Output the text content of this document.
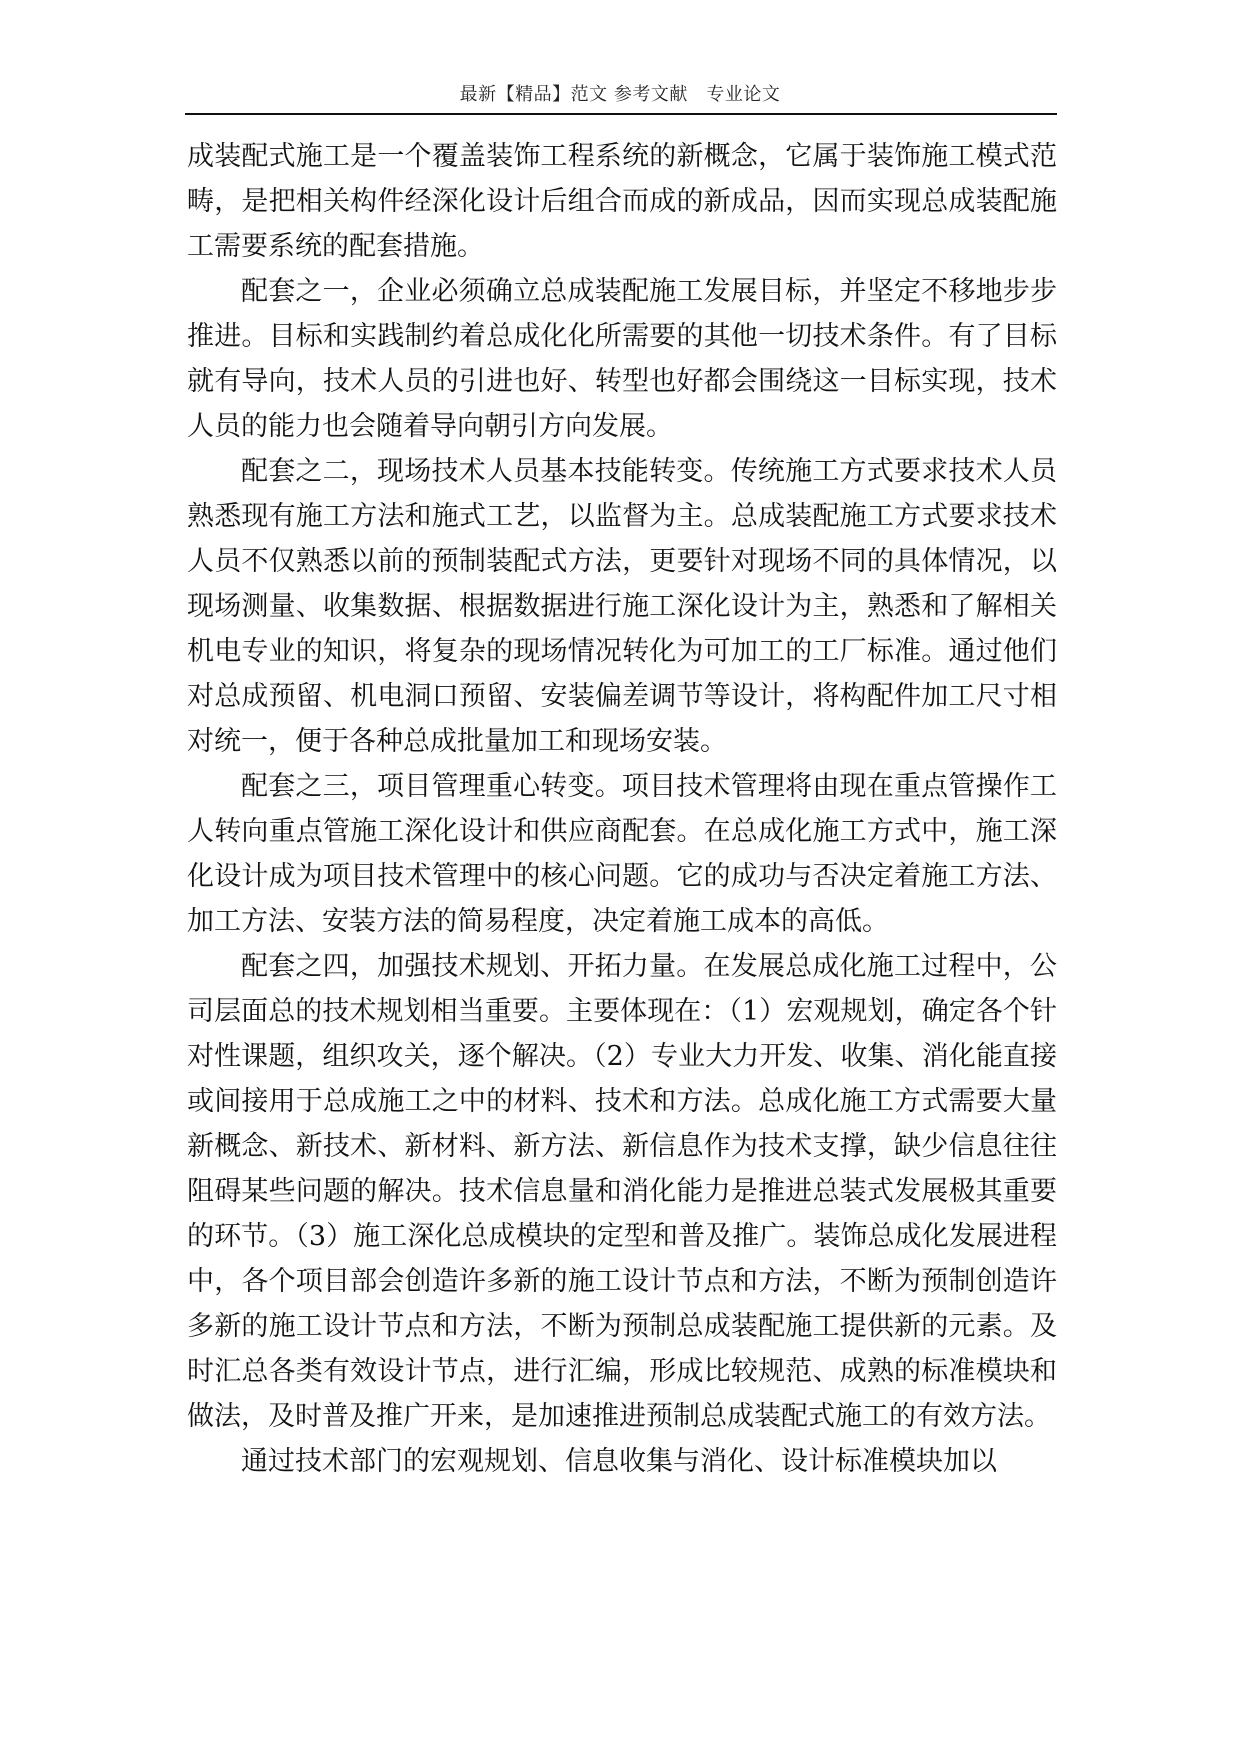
最新【精品】范文 参考文献　专业论文

成装配式施工是一个覆盖装饰工程系统的新概念，它属于装饰施工模式范畴，是把相关构件经深化设计后组合而成的新成品，因而实现总成装配施工需要系统的配套措施。

配套之一，企业必须确立总成装配施工发展目标，并坚定不移地步步推进。目标和实践制约着总成化化所需要的其他一切技术条件。有了目标就有导向，技术人员的引进也好、转型也好都会围绕这一目标实现，技术人员的能力也会随着导向朝引方向发展。

配套之二，现场技术人员基本技能转变。传统施工方式要求技术人员熟悉现有施工方法和施式工艺，以监督为主。总成装配施工方式要求技术人员不仅熟悉以前的预制装配式方法，更要针对现场不同的具体情况，以现场测量、收集数据、根据数据进行施工深化设计为主，熟悉和了解相关机电专业的知识，将复杂的现场情况转化为可加工的工厂标准。通过他们对总成预留、机电洞口预留、安装偏差调节等设计，将构配件加工尺寸相对统一，便于各种总成批量加工和现场安装。

配套之三，项目管理重心转变。项目技术管理将由现在重点管操作工人转向重点管施工深化设计和供应商配套。在总成化施工方式中，施工深化设计成为项目技术管理中的核心问题。它的成功与否决定着施工方法、加工方法、安装方法的简易程度，决定着施工成本的高低。

配套之四，加强技术规划、开拓力量。在发展总成化施工过程中，公司层面总的技术规划相当重要。主要体现在：（1）宏观规划，确定各个针对性课题，组织攻关，逐个解决。（2）专业大力开发、收集、消化能直接或间接用于总成施工之中的材料、技术和方法。总成化施工方式需要大量新概念、新技术、新材料、新方法、新信息作为技术支撑，缺少信息往往阻碍某些问题的解决。技术信息量和消化能力是推进总装式发展极其重要的环节。（3）施工深化总成模块的定型和普及推广。装饰总成化发展进程中，各个项目部会创造许多新的施工设计节点和方法，不断为预制创造许多新的施工设计节点和方法，不断为预制总成装配施工提供新的元素。及时汇总各类有效设计节点，进行汇编，形成比较规范、成熟的标准模块和做法，及时普及推广开来，是加速推进预制总成装配式施工的有效方法。

通过技术部门的宏观规划、信息收集与消化、设计标准模块加以
